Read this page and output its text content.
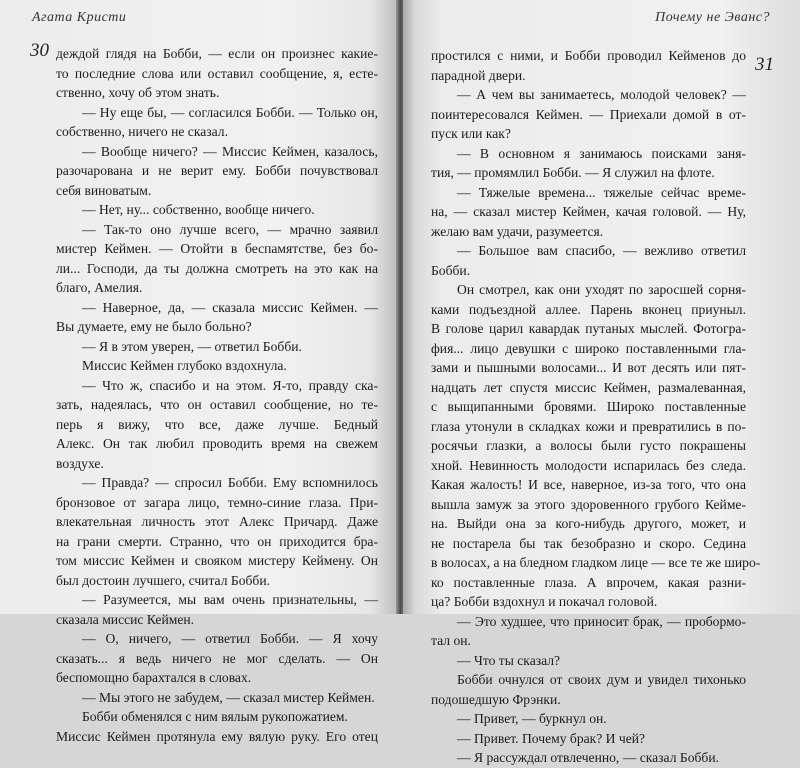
Агата Кристи
30 деждой глядя на Бобби, — если он произнес какие-
то последние слова или оставил сообщение, я, есте-
ственно, хочу об этом знать.
— Ну еще бы, — согласился Бобби. — Только он,
собственно, ничего не сказал.
— Вообще ничего? — Миссис Кеймен, казалось,
разочарована и не верит ему. Бобби почувствовал
себя виноватым.
— Нет, ну... собственно, вообще ничего.
— Так-то оно лучше всего, — мрачно заявил
мистер Кеймен. — Отойти в беспамятстве, без бо-
ли... Господи, да ты должна смотреть на это как на
благо, Амелия.
— Наверное, да, — сказала миссис Кеймен. —
Вы думаете, ему не было больно?
— Я в этом уверен, — ответил Бобби.
Миссис Кеймен глубоко вздохнула.
— Что ж, спасибо и на этом. Я-то, правду ска-
зать, надеялась, что он оставил сообщение, но те-
перь я вижу, что все, даже лучше. Бедный
Алекс. Он так любил проводить время на свежем
воздухе.
— Правда? — спросил Бобби. Ему вспомнилось
бронзовое от загара лицо, темно-синие глаза. При-
влекательная личность этот Алекс Причард. Даже
на грани смерти. Странно, что он приходится бра-
том миссис Кеймен и своякoм мистеру Кеймену. Он
был достоин лучшего, считал Бобби.
— Разумеется, мы вам очень признательны, —
сказала миссис Кеймен.
— О, ничего, — ответил Бобби. — Я хочу
сказать... я ведь ничего не мог сделать. — Он
беспомощно барахтался в словах.
— Мы этого не забудем, — сказал мистер Кеймен.
Бобби обменялся с ним вялым рукопожатием.
Миссис Кеймен протянула ему вялую руку. Его отец
Почему не Эванс?
31
простился с ними, и Бобби проводил Кейменов до
парадной двери.
— А чем вы занимаетесь, молодой человек? —
поинтересовался Кеймен. — Приехали домой в от-
пуск или как?
— В основном я занимаюсь поисками заня-
тия, — промямлил Бобби. — Я служил на флоте.
— Тяжелые времена... тяжелые сейчас време-
на, — сказал мистер Кеймен, качая головой. — Ну,
желаю вам удачи, разумеется.
— Большое вам спасибо, — вежливо ответил
Бобби.
Он смотрел, как они уходят по заросшей сорня-
ками подъездной аллее. Парень вконец приуныл.
В голове царил кавардак путаных мыслей. Фотогра-
фия... лицо девушки с широко поставленными гла-
зами и пышными волосами... И вот десять или пят-
надцать лет спустя миссис Кеймен, размалеванная,
с выщипанными бровями. Широко поставленные
глаза утонули в складках кожи и превратились в по-
росячьи глазки, а волосы были густо покрашены
хной. Невинность молодости испарилась без следа.
Какая жалость! И все, наверное, из-за того, что она
вышла замуж за этого здоровенного грубого Кейме-
на. Выйди она за кого-нибудь другого, может, и
не постарела бы так безобразно и скоро. Седина
в волосах, а на бледном гладком лице — все те же широ-
ко поставленные глаза. А впрочем, какая разни-
ца? Бобби вздохнул и покачал головой.
— Это худшее, что приносит брак, — пробормо-
тал он.
— Что ты сказал?
Бобби очнулся от своих дум и увидел тихонько
подошедшую Фрэнки.
— Привет, — буркнул он.
— Привет. Почему брак? И чей?
— Я рассуждал отвлеченно, — сказал Бобби.
